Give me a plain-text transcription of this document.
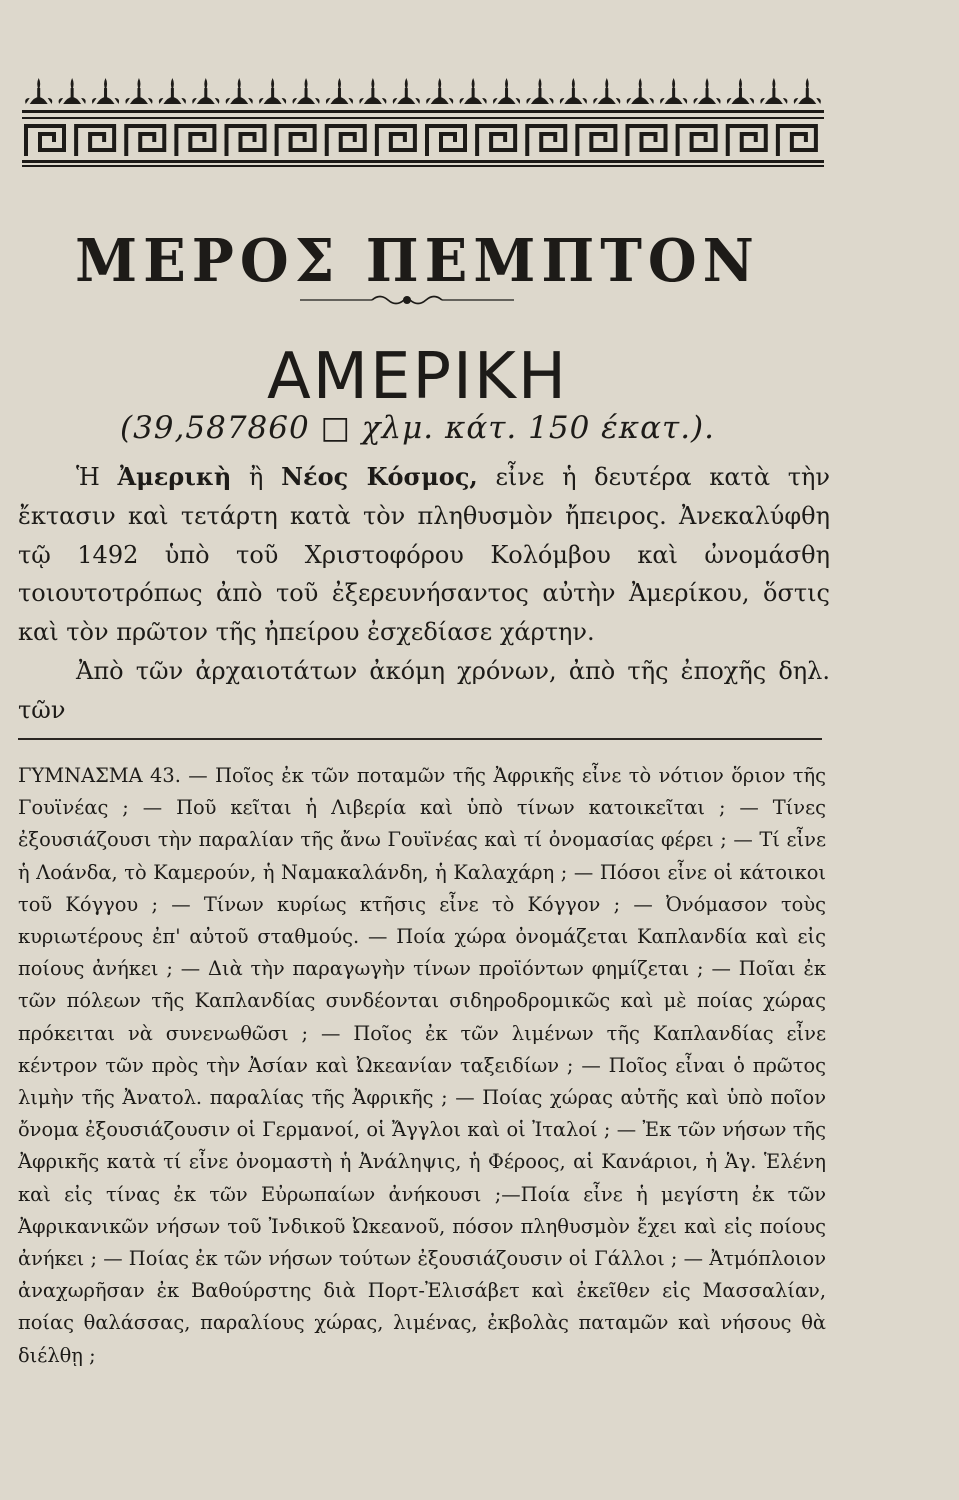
ΜΕΡΟΣ ΠΕΜΠΤΟΝ
ΑΜΕΡΙΚΗ
(39,587860 □ χλμ. κάτ. 150 έκατ.).

Ἡ Ἀμερικὴ ἢ Νέος Κόσμος, εἶνε ἡ δευτέρα κατὰ τὴν ἔκτασιν καὶ τετάρτη κατὰ τὸν πληθυσμὸν ἤπειρος. Ἀνεκαλύφθη τῷ 1492 ὑπὸ τοῦ Χριστοφόρου Κολόμβου καὶ ὠνομάσθη τοιουτοτρόπως ἀπὸ τοῦ ἐξερευνήσαντος αὐτὴν Ἀμερίκου, ὅστις καὶ τὸν πρῶτον τῆς ἠπείρου ἐσχεδίασε χάρτην.

Ἀπὸ τῶν ἀρχαιοτάτων ἀκόμη χρόνων, ἀπὸ τῆς ἐποχῆς δηλ. τῶν

ΓΥΜΝΑΣΜΑ 43. — Ποῖος ἐκ τῶν ποταμῶν τῆς Ἀφρικῆς εἶνε τὸ νότιον ὅριον τῆς Γουϊνέας ; — Ποῦ κεῖται ἡ Λιβερία καὶ ὑπὸ τίνων κατοικεῖται ; — Τίνες ἐξουσιάζουσι τὴν παραλίαν τῆς ἄνω Γουϊνέας καὶ τί ὀνομασίας φέρει ; — Τί εἶνε ἡ Λοάνδα, τὸ Καμερούν, ἡ Ναμακαλάνδη, ἡ Καλαχάρη ; — Πόσοι εἶνε οἱ κάτοικοι τοῦ Κόγγου ; — Τίνων κυρίως κτῆσις εἶνε τὸ Κόγγον ; — Ὀνόμασον τοὺς κυριωτέρους ἐπ' αὐτοῦ σταθμούς. — Ποία χώρα ὀνομάζεται Καπλανδία καὶ εἰς ποίους ἀνήκει ; — Διὰ τὴν παραγωγὴν τίνων προϊόντων φημίζεται ; — Ποῖαι ἐκ τῶν πόλεων τῆς Καπλανδίας συνδέονται σιδηροδρομικῶς καὶ μὲ ποίας χώρας πρόκειται νὰ συνενωθῶσι ; — Ποῖος ἐκ τῶν λιμένων τῆς Καπλανδίας εἶνε κέντρον τῶν πρὸς τὴν Ἀσίαν καὶ Ὠκεανίαν ταξειδίων ; — Ποῖος εἶναι ὁ πρῶτος λιμὴν τῆς Ἀνατολ. παραλίας τῆς Ἀφρικῆς ; — Ποίας χώρας αὐτῆς καὶ ὑπὸ ποῖον ὄνομα ἐξουσιάζουσιν οἱ Γερμανοί, οἱ Ἄγγλοι καὶ οἱ Ἰταλοί ; — Ἐκ τῶν νήσων τῆς Ἀφρικῆς κατὰ τί εἶνε ὀνομαστὴ ἡ Ἀνάληψις, ἡ Φέροος, αἱ Κανάριοι, ἡ Ἁγ. Ἑλένη καὶ εἰς τίνας ἐκ τῶν Εὐρωπαίων ἀνήκουσι ;—Ποία εἶνε ἡ μεγίστη ἐκ τῶν Ἀφρικανικῶν νήσων τοῦ Ἰνδικοῦ Ὠκεανοῦ, πόσον πληθυσμὸν ἔχει καὶ εἰς ποίους ἀνήκει ; — Ποίας ἐκ τῶν νήσων τούτων ἐξουσιάζουσιν οἱ Γάλλοι ; — Ἀτμόπλοιον ἀναχωρῆσαν ἐκ Βαθούρστης διὰ Πορτ-Ἐλισάβετ καὶ ἐκεῖθεν εἰς Μασσαλίαν, ποίας θαλάσσας, παραλίους χώρας, λιμένας, ἐκβολὰς παταμῶν καὶ νήσους θὰ διέλθῃ ;
